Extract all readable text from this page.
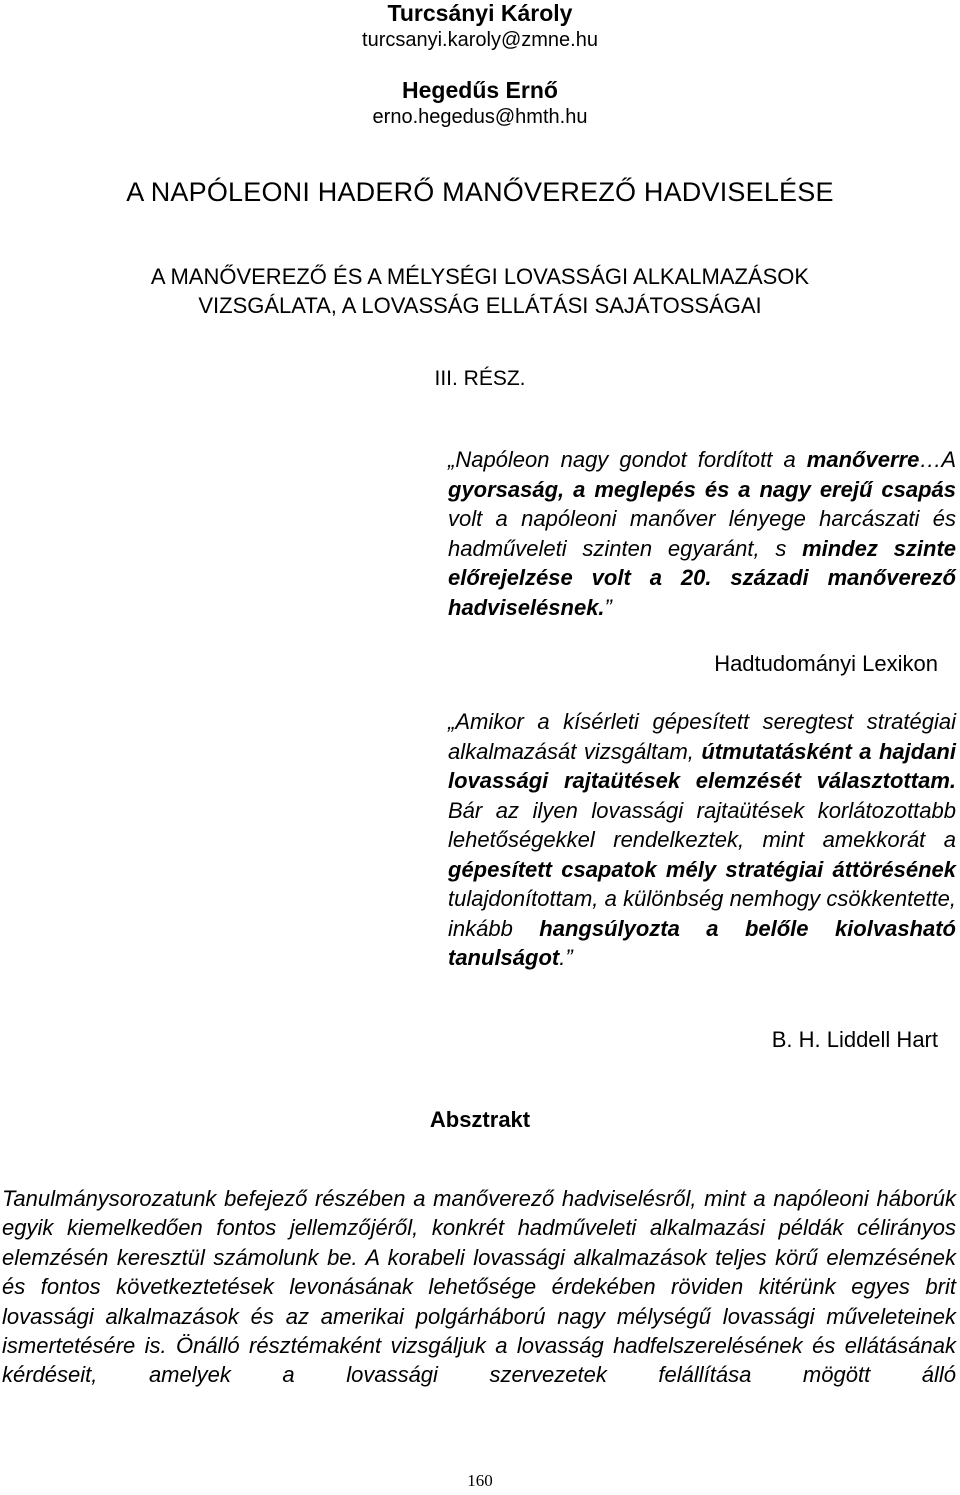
Turcsányi Károly
turcsanyi.karoly@zmne.hu
Hegedűs Ernő
erno.hegedus@hmth.hu
A NAPÓLEONI HADERŐ MANŐVEREZŐ HADVISELÉSE
A MANŐVEREZŐ ÉS A MÉLYSÉGI LOVASSÁGI ALKALMAZÁSOK
VIZSGÁLATA, A LOVASSÁG ELLÁTÁSI SAJÁTOSSÁGAI
III. RÉSZ.
„Napóleon nagy gondot fordított a manőverre…A gyorsaság, a meglepés és a nagy erejű csapás volt a napóleoni manőver lényege harcászati és hadműveleti szinten egyaránt, s mindez szinte előrejelzése volt a 20. századi manőverező hadviselésnek.”
Hadtudományi Lexikon
„Amikor a kísérleti gépesített seregtest stratégiai alkalmazását vizsgáltam, útmutatásként a hajdani lovassági rajtaütések elemzését választottam. Bár az ilyen lovassági rajtaütések korlátozottabb lehetőségekkel rendelkeztek, mint amekkorát a gépesített csapatok mély stratégiai áttörésének tulajdonítottam, a különbség nemhogy csökkentette, inkább hangsúlyozta a belőle kiolvasható tanulságot.”
B. H. Liddell Hart
Absztrakt
Tanulmánysorozatunk befejező részében a manőverező hadviselésről, mint a napóleoni háborúk egyik kiemelkedően fontos jellemzőjéről, konkrét hadműveleti alkalmazási példák célirányos elemzésén keresztül számolunk be. A korabeli lovassági alkalmazások teljes körű elemzésének és fontos következtetések levonásának lehetősége érdekében röviden kitérünk egyes brit lovassági alkalmazások és az amerikai polgárháború nagy mélységű lovassági műveleteinek ismertetésére is. Önálló résztémaként vizsgáljuk a lovasság hadfelszerelésének és ellátásának kérdéseit, amelyek a lovassági szervezetek felállítása mögött álló
160
